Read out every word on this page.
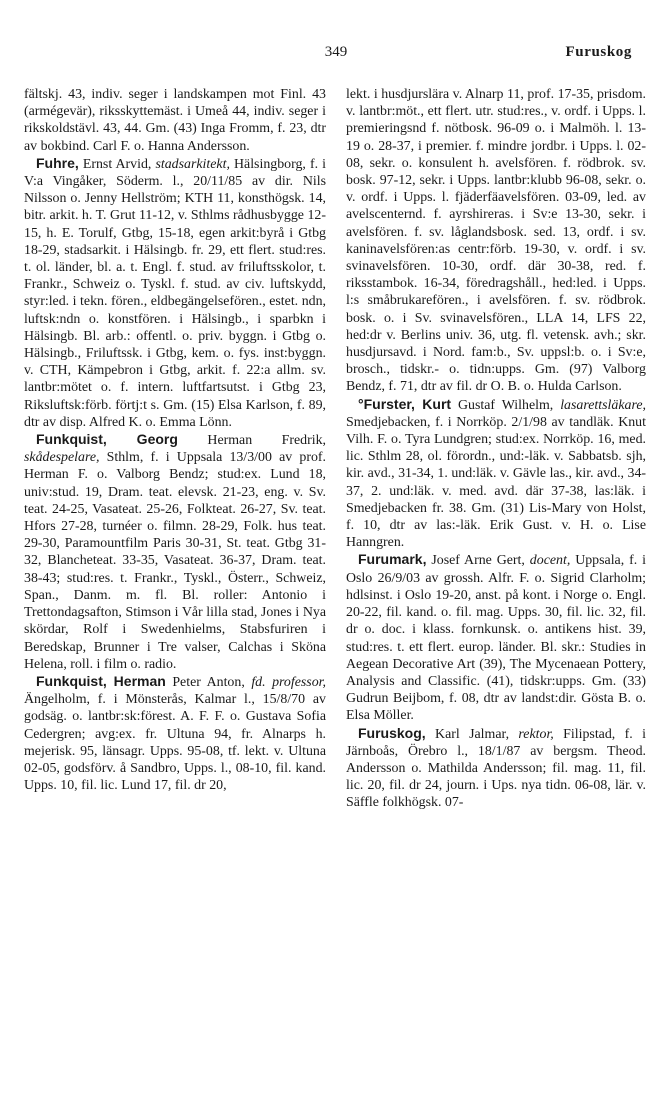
349	Furuskog

fältskj. 43, indiv. seger i landskampen mot Finl. 43 (armégevär), riksskyttemäst. i Umeå 44, indiv. seger i rikskoldstävl. 43, 44. Gm. (43) Inga Fromm, f. 23, dtr av bokbind. Carl F. o. Hanna Andersson.

Fuhre, Ernst Arvid, stadsarkitekt, Hälsingborg, f. i V:a Vingåker, Söderm. l., 20/11/85 av dir. Nils Nilsson o. Jenny Hellström; KTH 11, konsthögsk. 14, bitr. arkit. h. T. Grut 11-12, v. Sthlms rådhusbygge 12-15, h. E. Torulf, Gtbg, 15-18, egen arkit:byrå i Gtbg 18-29, stadsarkit. i Hälsingb. fr. 29, ett flert. stud:res. t. ol. länder, bl. a. t. Engl. f. stud. av friluftsskolor, t. Frankr., Schweiz o. Tyskl. f. stud. av civ. luftskydd, styr:led. i tekn. fören., eldbegängelsefören., estet. ndn, luftsk:ndn o. konstfören. i Hälsingb., i sparbkn i Hälsingb. Bl. arb.: offentl. o. priv. byggn. i Gtbg o. Hälsingb., Friluftssk. i Gtbg, kem. o. fys. inst:byggn. v. CTH, Kämpebron i Gtbg, arkit. f. 22:a allm. sv. lantbr:mötet o. f. intern. luftfartsutst. i Gtbg 23, Riksluftsk:förb. förtj:t s. Gm. (15) Elsa Karlson, f. 89, dtr av disp. Alfred K. o. Emma Lönn.

Funkquist, Georg Herman Fredrik, skådespelare, Sthlm, f. i Uppsala 13/3/00 av prof. Herman F. o. Valborg Bendz; stud:ex. Lund 18, univ:stud. 19, Dram. teat. elevsk. 21-23, eng. v. Sv. teat. 24-25, Vasateat. 25-26, Folkteat. 26-27, Sv. teat. Hfors 27-28, turnéer o. filmn. 28-29, Folk. hus teat. 29-30, Paramountfilm Paris 30-31, St. teat. Gtbg 31-32, Blancheteat. 33-35, Vasateat. 36-37, Dram. teat. 38-43; stud:res. t. Frankr., Tyskl., Österr., Schweiz, Span., Danm. m. fl. Bl. roller: Antonio i Trettondagsafton, Stimson i Vår lilla stad, Jones i Nya skördar, Rolf i Swedenhielms, Stabsfuriren i Beredskap, Brunner i Tre valser, Calchas i Sköna Helena, roll. i film o. radio.

Funkquist, Herman Peter Anton, fd. professor, Ängelholm, f. i Mönsterås, Kalmar l., 15/8/70 av godsäg. o. lantbr:sk:förest. A. F. F. o. Gustava Sofia Cedergren; avg:ex. fr. Ultuna 94, fr. Alnarps h. mejerisk. 95, länsagr. Upps. 95-08, tf. lekt. v. Ultuna 02-05, godsförv. å Sandbro, Upps. l., 08-10, fil. kand. Upps. 10, fil. lic. Lund 17, fil. dr 20,

lekt. i husdjurslära v. Alnarp 11, prof. 17-35, prisdom. v. lantbr:möt., ett flert. utr. stud:res., v. ordf. i Upps. l. premieringsnd f. nötbosk. 96-09 o. i Malmöh. l. 13-19 o. 28-37, i premier. f. mindre jordbr. i Upps. l. 02-08, sekr. o. konsulent h. avelsfören. f. rödbrok. sv. bosk. 97-12, sekr. i Upps. lantbr:klubb 96-08, sekr. o. v. ordf. i Upps. l. fjäderfäavelsfören. 03-09, led. av avelscenternd. f. ayrshireras. i Sv:e 13-30, sekr. i avelsfören. f. sv. låglandsbosk. sed. 13, ordf. i sv. kaninavelsfören:as centr:förb. 19-30, v. ordf. i sv. svinavelsfören. 10-30, ordf. där 30-38, red. f. riksstambok. 16-34, föredragshåll., hed:led. i Upps. l:s småbrukarefören., i avelsfören. f. sv. rödbrok. bosk. o. i Sv. svinavelsfören., LLA 14, LFS 22, hed:dr v. Berlins univ. 36, utg. fl. vetensk. avh.; skr. husdjursavd. i Nord. fam:b., Sv. uppsl:b. o. i Sv:e, brosch., tidskr.- o. tidn:upps. Gm. (97) Valborg Bendz, f. 71, dtr av fil. dr O. B. o. Hulda Carlson.

°Furster, Kurt Gustaf Wilhelm, lasarettsläkare, Smedjebacken, f. i Norrköp. 2/1/98 av tandläk. Knut Vilh. F. o. Tyra Lundgren; stud:ex. Norrköp. 16, med. lic. Sthlm 28, ol. förordn., und:-läk. v. Sabbatsb. sjh, kir. avd., 31-34, 1. und:läk. v. Gävle las., kir. avd., 34-37, 2. und:läk. v. med. avd. där 37-38, las:läk. i Smedjebacken fr. 38. Gm. (31) Lis-Mary von Holst, f. 10, dtr av las:-läk. Erik Gust. v. H. o. Lise Hanngren.

Furumark, Josef Arne Gert, docent, Uppsala, f. i Oslo 26/9/03 av grossh. Alfr. F. o. Sigrid Clarholm; hdlsinst. i Oslo 19-20, anst. på kont. i Norge o. Engl. 20-22, fil. kand. o. fil. mag. Upps. 30, fil. lic. 32, fil. dr o. doc. i klass. fornkunsk. o. antikens hist. 39, stud:res. t. ett flert. europ. länder. Bl. skr.: Studies in Aegean Decorative Art (39), The Mycenaean Pottery, Analysis and Classific. (41), tidskr:upps. Gm. (33) Gudrun Beijbom, f. 08, dtr av landst:dir. Gösta B. o. Elsa Möller.

Furuskog, Karl Jalmar, rektor, Filipstad, f. i Järnboås, Örebro l., 18/1/87 av bergsm. Theod. Andersson o. Mathilda Andersson; fil. mag. 11, fil. lic. 20, fil. dr 24, journ. i Ups. nya tidn. 06-08, lär. v. Säffle folkhögsk. 07-
